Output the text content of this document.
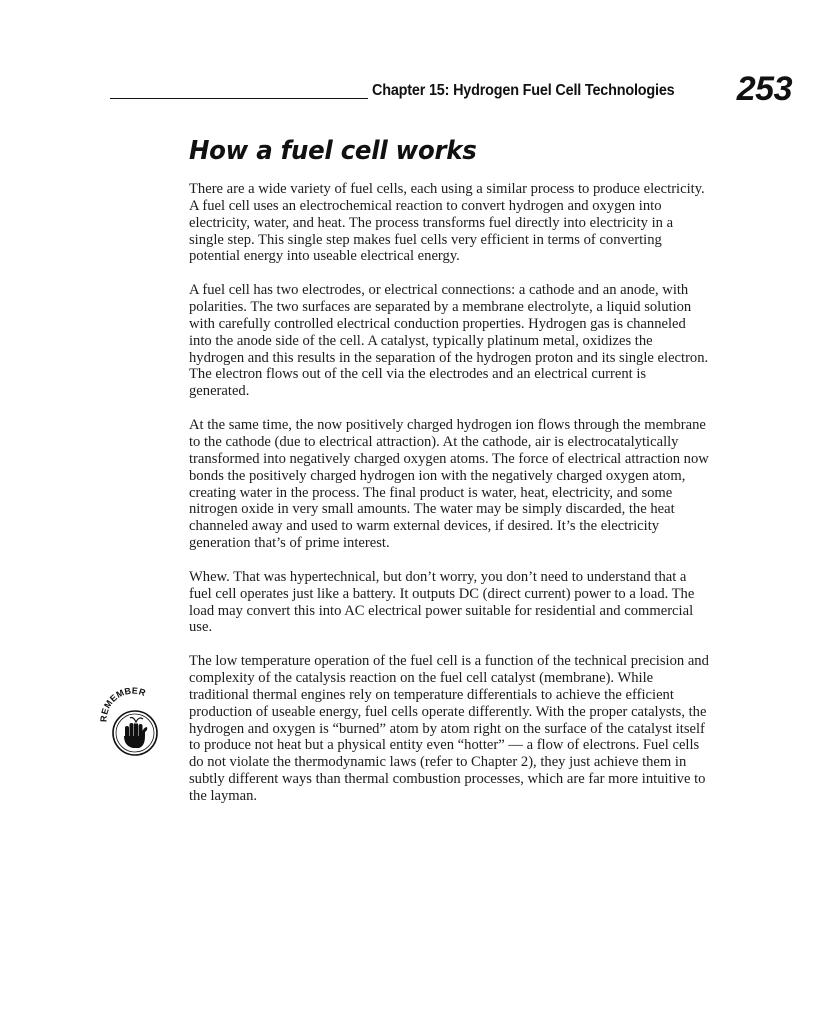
Chapter 15: Hydrogen Fuel Cell Technologies 253
How a fuel cell works
REMEMBER

There are a wide variety of fuel cells, each using a similar process to produce electricity. A fuel cell uses an electrochemical reaction to convert hydrogen and oxygen into electricity, water, and heat. The process transforms fuel directly into electricity in a single step. This single step makes fuel cells very efficient in terms of converting potential energy into useable electrical energy.

A fuel cell has two electrodes, or electrical connections: a cathode and an anode, with polarities. The two surfaces are separated by a membrane electrolyte, a liquid solution with carefully controlled electrical conduction properties. Hydrogen gas is channeled into the anode side of the cell. A catalyst, typically platinum metal, oxidizes the hydrogen and this results in the separation of the hydrogen proton and its single electron. The electron flows out of the cell via the electrodes and an electrical current is generated.

At the same time, the now positively charged hydrogen ion flows through the membrane to the cathode (due to electrical attraction). At the cathode, air is electrocatalytically transformed into negatively charged oxygen atoms. The force of electrical attraction now bonds the positively charged hydrogen ion with the negatively charged oxygen atom, creating water in the process. The final product is water, heat, electricity, and some nitrogen oxide in very small amounts. The water may be simply discarded, the heat channeled away and used to warm external devices, if desired. It’s the electricity generation that’s of prime interest.

Whew. That was hypertechnical, but don’t worry, you don’t need to understand that a fuel cell operates just like a battery. It outputs DC (direct current) power to a load. The load may convert this into AC electrical power suitable for residential and commercial use.

The low temperature operation of the fuel cell is a function of the technical precision and complexity of the catalysis reaction on the fuel cell catalyst (membrane). While traditional thermal engines rely on temperature differentials to achieve the efficient production of useable energy, fuel cells operate differently. With the proper catalysts, the hydrogen and oxygen is “burned” atom by atom right on the surface of the catalyst itself to produce not heat but a physical entity even “hotter” — a flow of electrons. Fuel cells do not violate the thermodynamic laws (refer to Chapter 2), they just achieve them in subtly different ways than thermal combustion processes, which are far more intuitive to the layman.
